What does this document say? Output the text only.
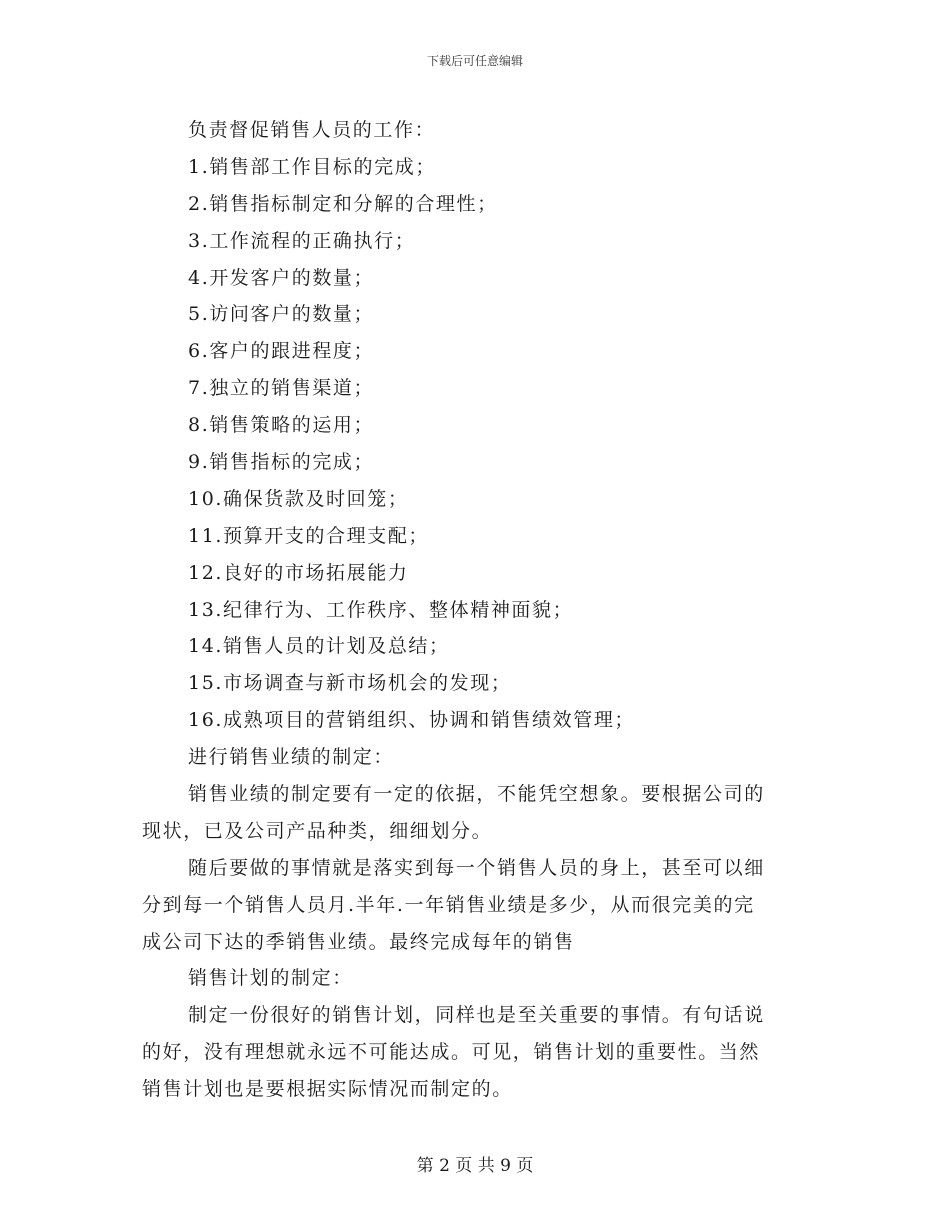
下载后可任意编辑
负责督促销售人员的工作：
1.销售部工作目标的完成；
2.销售指标制定和分解的合理性；
3.工作流程的正确执行；
4.开发客户的数量；
5.访问客户的数量；
6.客户的跟进程度；
7.独立的销售渠道；
8.销售策略的运用；
9.销售指标的完成；
10.确保货款及时回笼；
11.预算开支的合理支配；
12.良好的市场拓展能力
13.纪律行为、工作秩序、整体精神面貌；
14.销售人员的计划及总结；
15.市场调查与新市场机会的发现；
16.成熟项目的营销组织、协调和销售绩效管理；
进行销售业绩的制定：
销售业绩的制定要有一定的依据，不能凭空想象。要根据公司的
现状，已及公司产品种类，细细划分。
随后要做的事情就是落实到每一个销售人员的身上，甚至可以细
分到每一个销售人员月.半年.一年销售业绩是多少，从而很完美的完
成公司下达的季销售业绩。最终完成每年的销售
销售计划的制定：
制定一份很好的销售计划，同样也是至关重要的事情。有句话说
的好，没有理想就永远不可能达成。可见，销售计划的重要性。当然
销售计划也是要根据实际情况而制定的。
第 2 页 共 9 页
